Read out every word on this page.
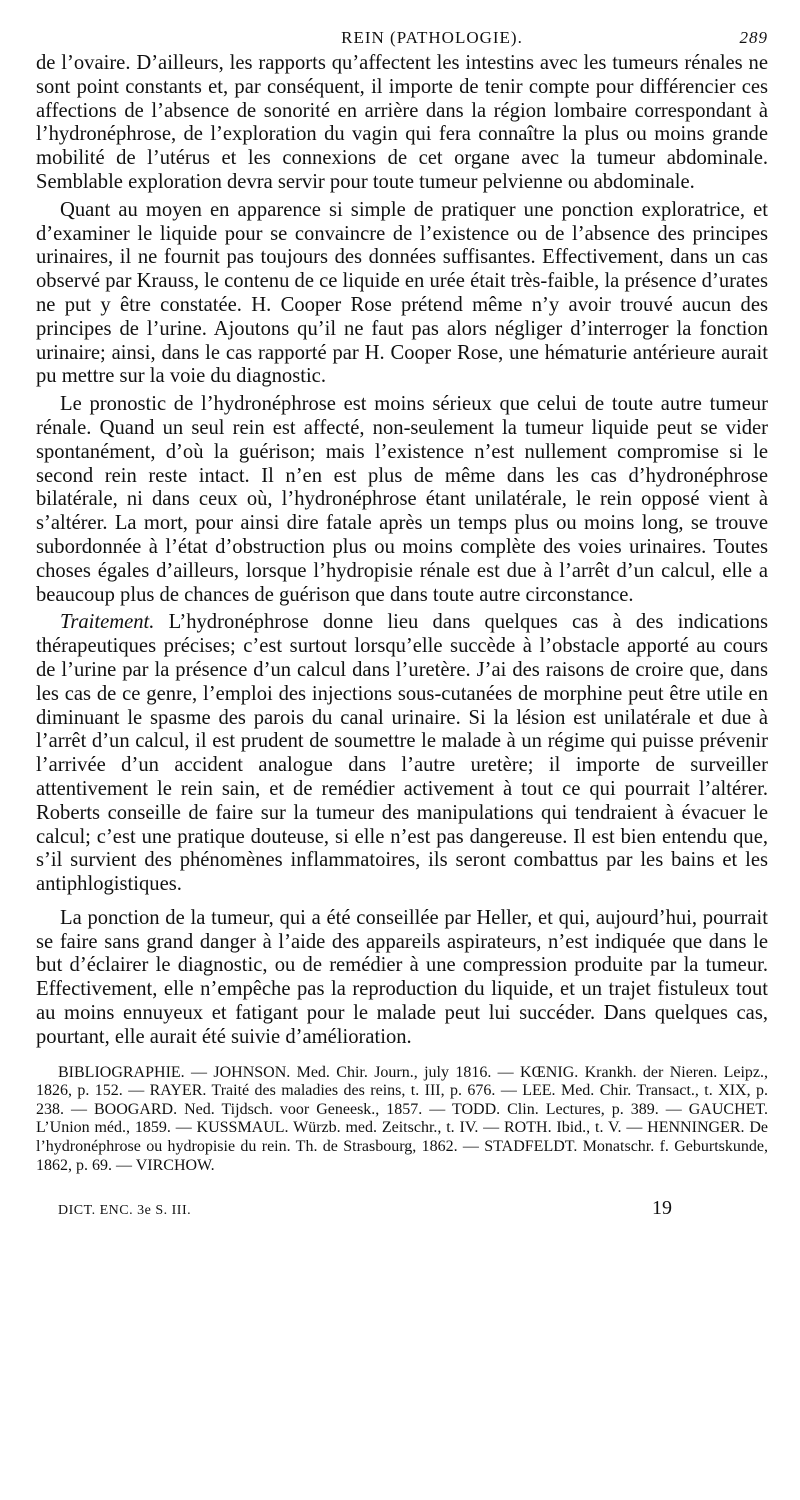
REIN (PATHOLOGIE).	289

de l’ovaire. D’ailleurs, les rapports qu’affectent les intestins avec les tumeurs rénales ne sont point constants et, par conséquent, il importe de tenir compte pour différencier ces affections de l’absence de sonorité en arrière dans la région lombaire correspondant à l’hydronéphrose, de l’exploration du vagin qui fera connaître la plus ou moins grande mobilité de l’utérus et les connexions de cet organe avec la tumeur abdominale. Semblable exploration devra servir pour toute tumeur pelvienne ou abdominale.

Quant au moyen en apparence si simple de pratiquer une ponction exploratrice, et d’examiner le liquide pour se convaincre de l’existence ou de l’absence des principes urinaires, il ne fournit pas toujours des données suffisantes. Effectivement, dans un cas observé par Krauss, le contenu de ce liquide en urée était très-faible, la présence d’urates ne put y être constatée. H. Cooper Rose prétend même n’y avoir trouvé aucun des principes de l’urine. Ajoutons qu’il ne faut pas alors négliger d’interroger la fonction urinaire; ainsi, dans le cas rapporté par H. Cooper Rose, une hématurie antérieure aurait pu mettre sur la voie du diagnostic.

Le pronostic de l’hydronéphrose est moins sérieux que celui de toute autre tumeur rénale. Quand un seul rein est affecté, non-seulement la tumeur liquide peut se vider spontanément, d’où la guérison; mais l’existence n’est nullement compromise si le second rein reste intact. Il n’en est plus de même dans les cas d’hydronéphrose bilatérale, ni dans ceux où, l’hydronéphrose étant unilatérale, le rein opposé vient à s’altérer. La mort, pour ainsi dire fatale après un temps plus ou moins long, se trouve subordonnée à l’état d’obstruction plus ou moins complète des voies urinaires. Toutes choses égales d’ailleurs, lorsque l’hydropisie rénale est due à l’arrêt d’un calcul, elle a beaucoup plus de chances de guérison que dans toute autre circonstance.

Traitement. L’hydronéphrose donne lieu dans quelques cas à des indications thérapeutiques précises; c’est surtout lorsqu’elle succède à l’obstacle apporté au cours de l’urine par la présence d’un calcul dans l’uretère. J’ai des raisons de croire que, dans les cas de ce genre, l’emploi des injections sous-cutanées de morphine peut être utile en diminuant le spasme des parois du canal urinaire. Si la lésion est unilatérale et due à l’arrêt d’un calcul, il est prudent de soumettre le malade à un régime qui puisse prévenir l’arrivée d’un accident analogue dans l’autre uretère; il importe de surveiller attentivement le rein sain, et de remédier activement à tout ce qui pourrait l’altérer. Roberts conseille de faire sur la tumeur des manipulations qui tendraient à évacuer le calcul; c’est une pratique douteuse, si elle n’est pas dangereuse. Il est bien entendu que, s’il survient des phénomènes inflammatoires, ils seront combattus par les bains et les antiphlogistiques.

La ponction de la tumeur, qui a été conseillée par Heller, et qui, aujourd’hui, pourrait se faire sans grand danger à l’aide des appareils aspirateurs, n’est indiquée que dans le but d’éclairer le diagnostic, ou de remédier à une compression produite par la tumeur. Effectivement, elle n’empêche pas la reproduction du liquide, et un trajet fistuleux tout au moins ennuyeux et fatigant pour le malade peut lui succéder. Dans quelques cas, pourtant, elle aurait été suivie d’amélioration.

BIBLIOGRAPHIE. — JOHNSON. Med. Chir. Journ., july 1816. — KŒNIG. Krankh. der Nieren. Leipz., 1826, p. 152. — RAYER. Traité des maladies des reins, t. III, p. 676. — LEE. Med. Chir. Transact., t. XIX, p. 238. — BOOGARD. Ned. Tijdsch. voor Geneesk., 1857. — TODD. Clin. Lectures, p. 389. — GAUCHET. L’Union méd., 1859. — KUSSMAUL. Würzb. med. Zeitschr., t. IV. — ROTH. Ibid., t. V. — HENNINGER. De l’hydronéphrose ou hydropisie du rein. Th. de Strasbourg, 1862. — STADFELDT. Monatschr. f. Geburtskunde, 1862, p. 69. — VIRCHOW.

DICT. ENC. 3e S. III.	19
